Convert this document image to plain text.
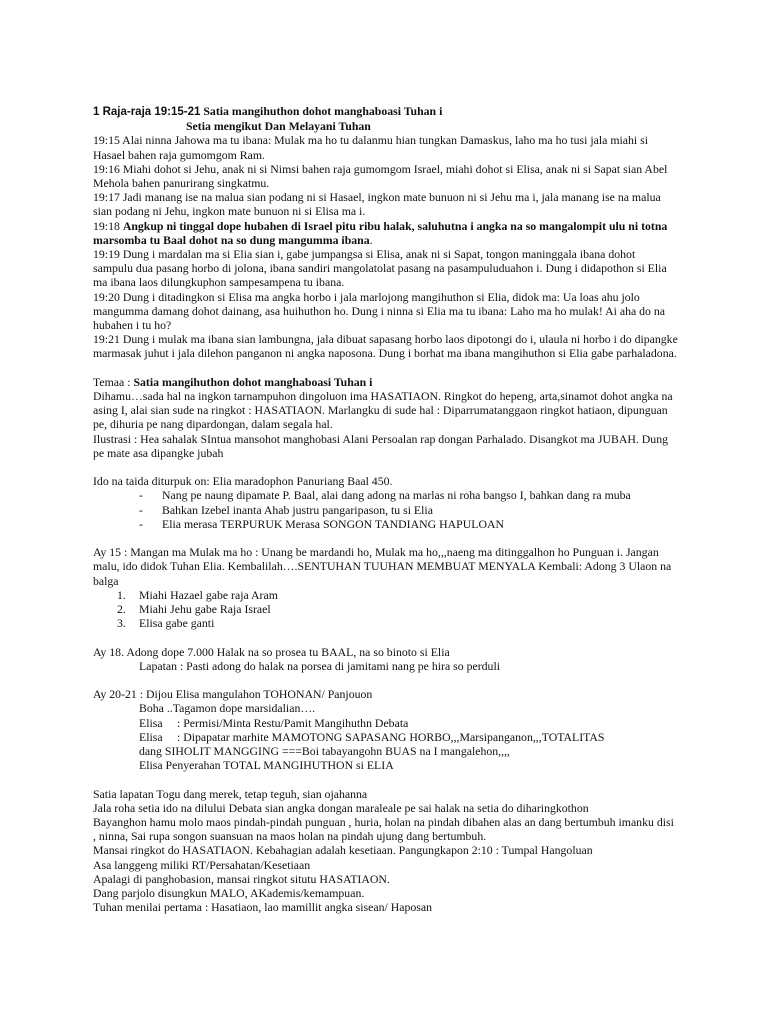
1 Raja-raja 19:15-21 Satia mangihuthon dohot manghaboasi Tuhan i

Setia mengikut Dan Melayani Tuhan

19:15 Alai ninna Jahowa ma tu ibana: Mulak ma ho tu dalanmu hian tungkan Damaskus, laho ma ho tusi jala miahi si Hasael bahen raja gumomgom Ram.

19:16 Miahi dohot si Jehu, anak ni si Nimsi bahen raja gumomgom Israel, miahi dohot si Elisa, anak ni si Sapat sian Abel Mehola bahen panurirang singkatmu.

19:17 Jadi manang ise na malua sian podang ni si Hasael, ingkon mate bunuon ni si Jehu ma i, jala manang ise na malua sian podang ni Jehu, ingkon mate bunuon ni si Elisa ma i.

19:18 Angkup ni tinggal dope hubahen di Israel pitu ribu halak, saluhutna i angka na so mangalompit ulu ni totna marsomba tu Baal dohot na so dung mangumma ibana.

19:19 Dung i mardalan ma si Elia sian i, gabe jumpangsa si Elisa, anak ni si Sapat, tongon maninggala ibana dohot sampulu dua pasang horbo di jolona, ibana sandiri mangolatolat pasang na pasampuluduahon i. Dung i didapothon si Elia ma ibana laos dilungkuphon sampesampena tu ibana.

19:20 Dung i ditadingkon si Elisa ma angka horbo i jala marlojong mangihuthon si Elia, didok ma: Ua loas ahu jolo mangumma damang dohot dainang, asa huihuthon ho. Dung i ninna si Elia ma tu ibana: Laho ma ho mulak! Ai aha do na hubahen i tu ho?

19:21 Dung i mulak ma ibana sian lambungna, jala dibuat sapasang horbo laos dipotongi do i, ulaula ni horbo i do dipangke marmasak juhut i jala dilehon panganon ni angka naposona. Dung i borhat ma ibana mangihuthon si Elia gabe parhaladona.

Temaa : Satia mangihuthon dohot manghaboasi Tuhan i

Dihamu…sada hal na ingkon tarnampuhon dingoluon ima HASATIAON. Ringkot do hepeng, arta,sinamot dohot angka na asing I, alai sian sude na ringkot : HASATIAON. Marlangku di sude hal : Diparrumatanggaon ringkot hatiaon, dipunguan pe, dihuria pe nang dipardongan, dalam segala hal.

Ilustrasi : Hea sahalak SIntua mansohot manghobasi Alani Persoalan rap dongan Parhalado. Disangkot ma JUBAH. Dung pe mate asa dipangke jubah

Ido na taida diturpuk on: Elia maradophon Panuriang Baal 450.

- Nang pe naung dipamate P. Baal, alai dang adong na marlas ni roha bangso I, bahkan dang ra muba
- Bahkan Izebel inanta Ahab justru pangaripason, tu si Elia
- Elia merasa TERPURUK Merasa SONGON TANDIANG HAPULOAN

Ay 15 : Mangan ma Mulak ma ho : Unang be mardandi ho, Mulak ma ho,,,naeng ma ditinggalhon ho Punguan i. Jangan malu, ido didok Tuhan Elia. Kembalilah….SENTUHAN TUUHAN MEMBUAT MENYALA Kembali: Adong 3 Ulaon na balga

1. Miahi Hazael gabe raja Aram
2. Miahi Jehu gabe Raja Israel
3. Elisa gabe ganti

Ay 18. Adong dope 7.000 Halak na so prosea tu BAAL, na so binoto si Elia

Lapatan : Pasti adong do halak na porsea di jamitami nang pe hira so perduli

Ay 20-21 : Dijou Elisa mangulahon TOHONAN/ Panjouon

Boha ..Tagamon dope marsidalian….

Elisa : Permisi/Minta Restu/Pamit Mangihuthn Debata

Elisa : Dipapatar marhite MAMOTONG SAPASANG HORBO,,,Marsipanganon,,,TOTALITAS

dang SIHOLIT MANGGING ===Boi tabayangohn BUAS na I mangalehon,,,,

Elisa Penyerahan TOTAL MANGIHUTHON si ELIA

Satia lapatan Togu dang merek, tetap teguh, sian ojahanna

Jala roha setia ido na dilului Debata sian angka dongan maraleale pe sai halak na setia do diharingkothon

Bayanghon hamu molo maos pindah-pindah punguan , huria, holan na pindah dibahen alas an dang bertumbuh imanku disi , ninna, Sai rupa songon suansuan na maos holan na pindah ujung dang bertumbuh.

Mansai ringkot do HASATIAON. Kebahagian adalah kesetiaan. Pangungkapon 2:10 : Tumpal Hangoluan

Asa langgeng miliki RT/Persahatan/Kesetiaan

Apalagi di panghobasion, mansai ringkot situtu HASATIAON.

Dang parjolo disungkun MALO, AKademis/kemampuan.

Tuhan menilai pertama : Hasatiaon, lao mamillit angka sisean/ Haposan
